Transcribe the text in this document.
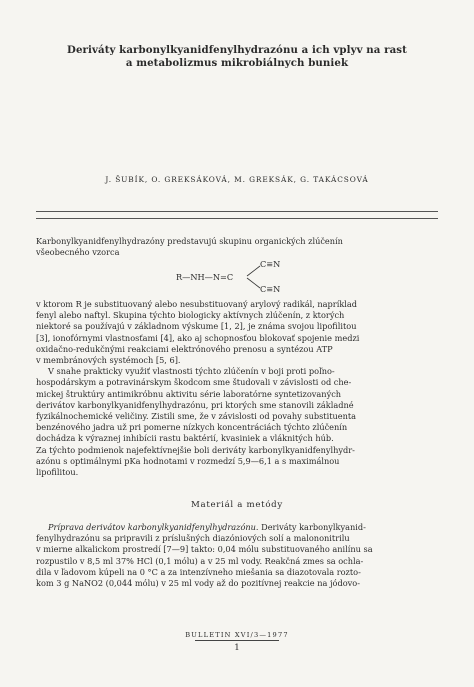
Deriváty karbonylkyanidfenylhydrazónu a ich vplyv na rast
a metabolizmus mikrobiálnych buniek
J. ŠUBÍK, O. GREKSÁKOVÁ, M. GREKSÁK, G. TAKÁCSOVÁ
Karbonylkyanidfenylhydrazóny predstavujú skupinu organických zlúčenín
všeobecného vzorca
R—NH—N=C
C≡N
C≡N
v ktorom R je substituovaný alebo nesubstituovaný arylový radikál, napríklad
fenyl alebo naftyl. Skupina týchto biologicky aktívnych zlúčenín, z ktorých
niektoré sa používajú v základnom výskume [1, 2], je známa svojou lipofilitou
[3], ionofórnymi vlastnosťami [4], ako aj schopnosťou blokovať spojenie medzi
oxidačno-redukčnými reakciami elektrónového prenosu a syntézou ATP
v membránových systémoch [5, 6].
V snahe prakticky využiť vlastnosti týchto zlúčenín v boji proti poľno-
hospodárskym a potravinárskym škodcom sme študovali v závislosti od che-
mickej štruktúry antimikróbnu aktivitu série laboratórne syntetizovaných
derivátov karbonylkyanidfenylhydrazónu, pri ktorých sme stanovili základné
fyzikálnochemické veličiny. Zistili sme, že v závislosti od povahy substituenta
benzénového jadra už pri pomerne nízkych koncentráciách týchto zlúčenín
dochádza k výraznej inhibícii rastu baktérií, kvasiniek a vláknitých húb.
Za týchto podmienok najefektívnejšie boli deriváty karbonylkyanidfenylhydr-
azónu s optimálnymi pKa hodnotami v rozmedzí 5,9—6,1 a s maximálnou
lipofilitou.
Materiál a metódy
Príprava derivátov karbonylkyanidfenylhydrazónu. Deriváty karbonylkyanid-
fenylhydrazónu sa pripravili z príslušných diazóniových solí a malononitrilu
v mierne alkalickom prostredí [7—9] takto: 0,04 mólu substituovaného anilínu sa
rozpustilo v 8,5 ml 37% HCl (0,1 mólu) a v 25 ml vody. Reakčná zmes sa ochla-
dila v ľadovom kúpeli na 0 °C a za intenzívneho miešania sa diazotovala rozto-
kom 3 g NaNO2 (0,044 mólu) v 25 ml vody až do pozitívnej reakcie na jódovo-
BULLETIN XVI/3—1977
1
